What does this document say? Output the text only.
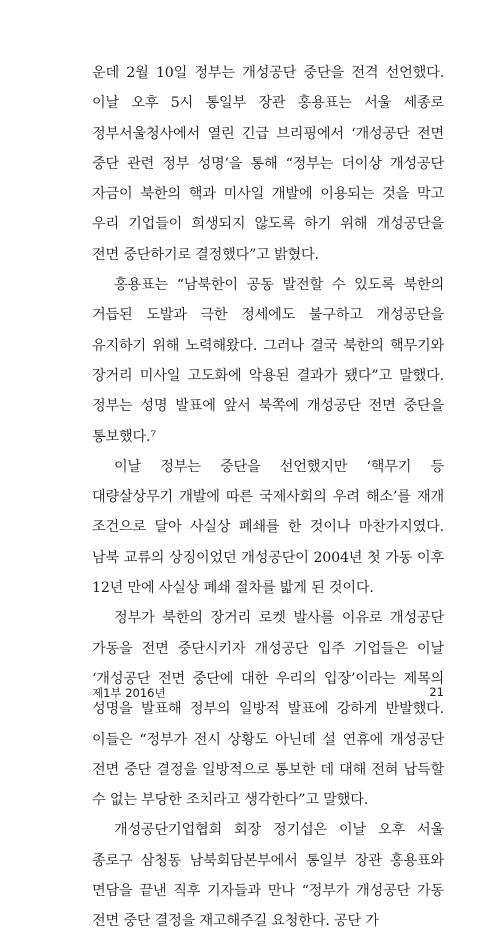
운데 2월 10일 정부는 개성공단 중단을 전격 선언했다. 이날 오후 5시 통일부 장관 홍용표는 서울 세종로 정부서울청사에서 열린 긴급 브리핑에서 ‘개성공단 전면 중단 관련 정부 성명’을 통해 “정부는 더이상 개성공단 자금이 북한의 핵과 미사일 개발에 이용되는 것을 막고 우리 기업들이 희생되지 않도록 하기 위해 개성공단을 전면 중단하기로 결정했다”고 밝혔다.

홍용표는 “남북한이 공동 발전할 수 있도록 북한의 거듭된 도발과 극한 정세에도 불구하고 개성공단을 유지하기 위해 노력해왔다. 그러나 결국 북한의 핵무기와 장거리 미사일 고도화에 악용된 결과가 됐다”고 말했다. 정부는 성명 발표에 앞서 북쪽에 개성공단 전면 중단을 통보했다.⁷

이날 정부는 중단을 선언했지만 ‘핵무기 등 대량살상무기 개발에 따른 국제사회의 우려 해소’를 재개 조건으로 달아 사실상 폐쇄를 한 것이나 마찬가지였다. 남북 교류의 상징이었던 개성공단이 2004년 첫 가동 이후 12년 만에 사실상 폐쇄 절차를 밟게 된 것이다.

정부가 북한의 장거리 로켓 발사를 이유로 개성공단 가동을 전면 중단시키자 개성공단 입주 기업들은 이날 ‘개성공단 전면 중단에 대한 우리의 입장’이라는 제목의 성명을 발표해 정부의 일방적 발표에 강하게 반발했다. 이들은 “정부가 전시 상황도 아닌데 설 연휴에 개성공단 전면 중단 결정을 일방적으로 통보한 데 대해 전혀 납득할 수 없는 부당한 조치라고 생각한다”고 말했다.

개성공단기업협회 회장 정기섭은 이날 오후 서울 종로구 삼청동 남북회담본부에서 통일부 장관 홍용표와 면담을 끝낸 직후 기자들과 만나 “정부가 개성공단 가동 전면 중단 결정을 재고해주길 요청한다. 공단 가

제1부 2016년	21
